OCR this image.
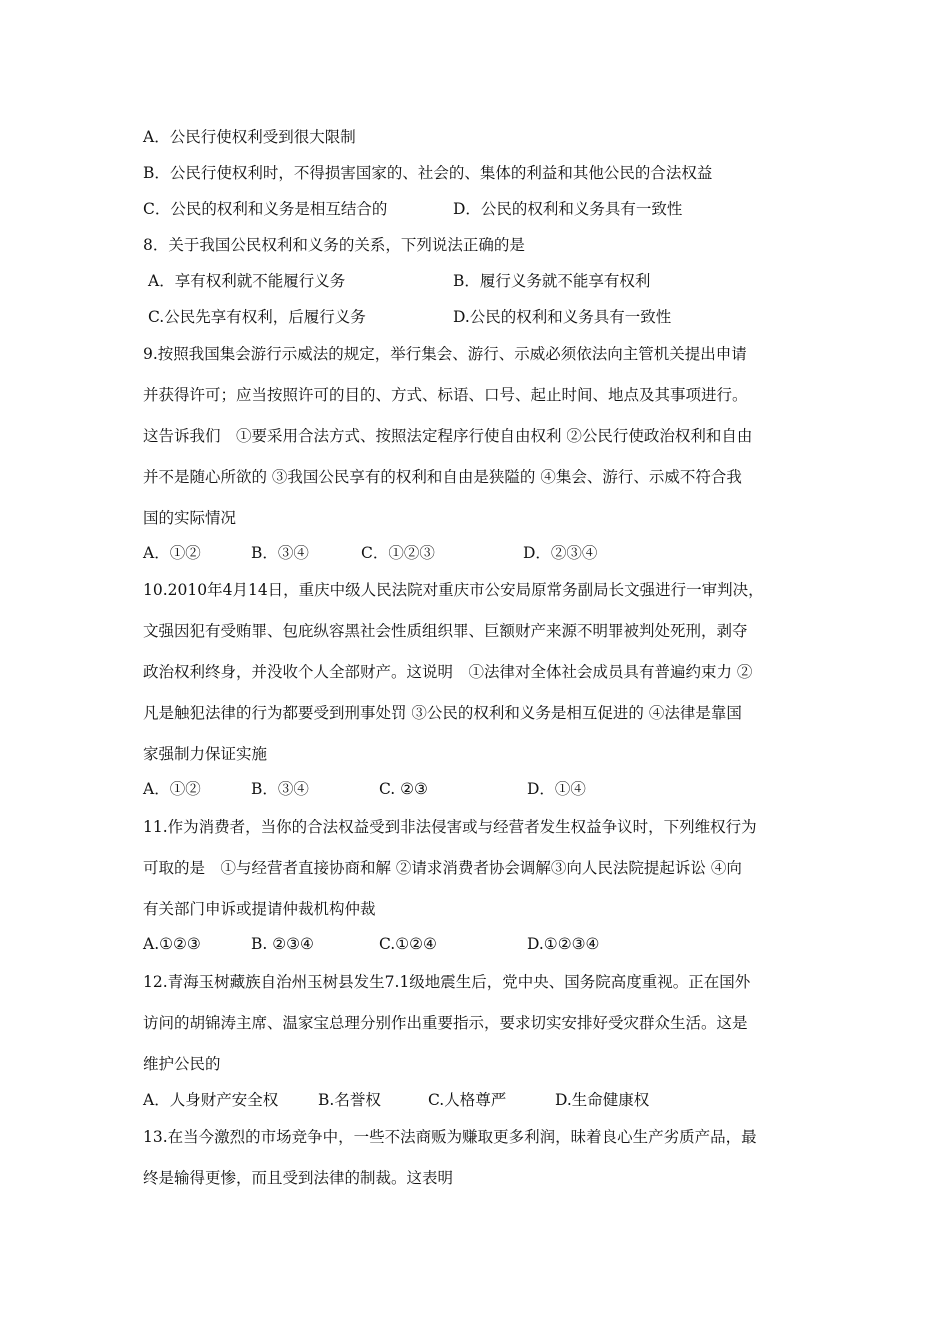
A．公民行使权利受到很大限制
B．公民行使权利时，不得损害国家的、社会的、集体的利益和其他公民的合法权益
C．公民的权利和义务是相互结合的	D．公民的权利和义务具有一致性
8．关于我国公民权利和义务的关系，下列说法正确的是
A．享有权利就不能履行义务	B．履行义务就不能享有权利
C.公民先享有权利，后履行义务	D.公民的权利和义务具有一致性
9.按照我国集会游行示威法的规定，举行集会、游行、示威必须依法向主管机关提出申请
并获得许可；应当按照许可的目的、方式、标语、口号、起止时间、地点及其事项进行。
这告诉我们　①要采用合法方式、按照法定程序行使自由权利 ②公民行使政治权利和自由
并不是随心所欲的 ③我国公民享有的权利和自由是狭隘的 ④集会、游行、示威不符合我
国的实际情况
A．①②	B．③④	C．①②③	D．②③④
10.2010年4月14日，重庆中级人民法院对重庆市公安局原常务副局长文强进行一审判决，
文强因犯有受贿罪、包庇纵容黑社会性质组织罪、巨额财产来源不明罪被判处死刑，剥夺
政治权利终身，并没收个人全部财产。这说明　①法律对全体社会成员具有普遍约束力 ②
凡是触犯法律的行为都要受到刑事处罚 ③公民的权利和义务是相互促进的 ④法律是靠国
家强制力保证实施
A．①②	B．③④	C. ②③	D．①④
11.作为消费者，当你的合法权益受到非法侵害或与经营者发生权益争议时，下列维权行为
可取的是　①与经营者直接协商和解 ②请求消费者协会调解③向人民法院提起诉讼 ④向
有关部门申诉或提请仲裁机构仲裁
A.①②③	B. ②③④	C.①②④	D.①②③④
12.青海玉树藏族自治州玉树县发生7.1级地震生后，党中央、国务院高度重视。正在国外
访问的胡锦涛主席、温家宝总理分别作出重要指示，要求切实安排好受灾群众生活。这是
维护公民的
A．人身财产安全权	B.名誉权	C.人格尊严	D.生命健康权
13.在当今激烈的市场竞争中，一些不法商贩为赚取更多利润，昧着良心生产劣质产品，最
终是输得更惨，而且受到法律的制裁。这表明
